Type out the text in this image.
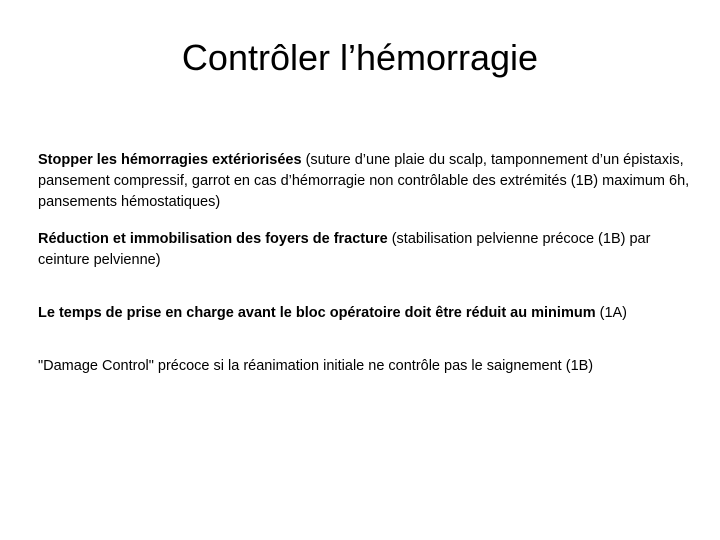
Contrôler l’hémorragie

Stopper les hémorragies extériorisées (suture d’une plaie du scalp, tamponnement d’un épistaxis, pansement compressif, garrot en cas d’hémorragie non contrôlable des extrémités (1B) maximum 6h, pansements hémostatiques)

Réduction et immobilisation des foyers de fracture (stabilisation pelvienne précoce (1B) par ceinture pelvienne)

Le temps de prise en charge avant le bloc opératoire doit être réduit au minimum (1A)

"Damage Control" précoce si la réanimation initiale ne contrôle pas le saignement (1B)
